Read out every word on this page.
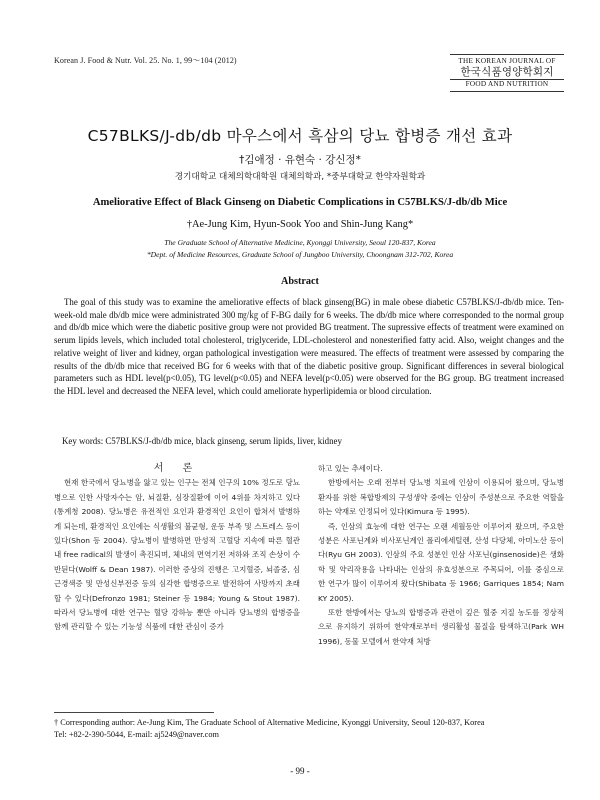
Korean J. Food & Nutr. Vol. 25. No. 1, 99～104 (2012)	THE KOREAN JOURNAL OF
한국식품영양학회지
FOOD AND NUTRITION
C57BLKS/J-db/db 마우스에서 흑삼의 당뇨 합병증 개선 효과
†김애정 · 유현숙 · 강신정*
경기대학교 대체의학대학원 대체의학과, *중부대학교 한약자원학과
Ameliorative Effect of Black Ginseng on Diabetic Complications in C57BLKS/J-db/db Mice
†Ae-Jung Kim, Hyun-Sook Yoo and Shin-Jung Kang*
The Graduate School of Alternative Medicine, Kyonggi University, Seoul 120-837, Korea
*Dept. of Medicine Resources, Graduate School of Jungboo University, Choongnam 312-702, Korea
Abstract

The goal of this study was to examine the ameliorative effects of black ginseng(BG) in male obese diabetic C57BLKS/J-db/db mice. Ten-week-old male db/db mice were administrated 300 ㎎/㎏ of F-BG daily for 6 weeks. The db/db mice where corresponded to the normal group and db/db mice which were the diabetic positive group were not provided BG treatment. The supressive effects of treatment were examined on serum lipids levels, which included total cholesterol, triglyceride, LDL-cholesterol and nonesterified fatty acid. Also, weight changes and the relative weight of liver and kidney, organ pathological investigation were measured. The effects of treatment were assessed by comparing the results of the db/db mice that received BG for 6 weeks with that of the diabetic positive group. Significant differences in several biological parameters such as HDL level(p<0.05), TG level(p<0.05) and NEFA level(p<0.05) were observed for the BG group. BG treatment increased the HDL level and decreased the NEFA level, which could ameliorate hyperlipidemia or blood circulation.

Key words: C57BLKS/J-db/db mice, black ginseng, serum lipids, liver, kidney

서 론

현재 한국에서 당뇨병을 앓고 있는 인구는 전체 인구의 10% 정도로 당뇨병으로 인한 사망자수는 암, 뇌질환, 심장질환에 이어 4위를 차지하고 있다(통계청 2008). 당뇨병은 유전적인 요인과 환경적인 요인이 합쳐서 발병하게 되는데, 환경적인 요인에는 식생활의 불균형, 운동 부족 및 스트레스 등이 있다(Shon 등 2004). 당뇨병이 발병하면 만성적 고혈당 지속에 따른 혈관 내 free radical의 발생이 촉진되며, 체내의 면역기전 저하와 조직 손상이 수반된다(Wolff & Dean 1987). 이러한 증상의 진행은 고지혈증, 뇌졸중, 심근경색증 및 만성신부전증 등의 심각한 합병증으로 발전하여 사망까지 초래할 수 있다(Defronzo 1981; Steiner 등 1984; Young & Stout 1987). 따라서 당뇨병에 대한 연구는 혈당 강하능 뿐만 아니라 당뇨병의 합병증을 함께 관리할 수 있는 기능성 식품에 대한 관심이 증가

하고 있는 추세이다.

한방에서는 오래 전부터 당뇨병 치료에 인삼이 이용되어 왔으며, 당뇨병 환자를 위한 복합방제의 구성생약 중에는 인삼이 주성분으로 주요한 역할을 하는 약재로 인정되어 있다(Kimura 등 1995).

즉, 인삼의 효능에 대한 연구는 오랜 세월동안 이루어져 왔으며, 주요한 성분은 사포닌계와 비사포닌계인 폴리에세틸렌, 산성 다당체, 아미노산 등이다(Ryu GH 2003). 인삼의 주요 성분인 인삼 사포닌(ginsenoside)은 생화학 및 약리작용을 나타내는 인삼의 유효성분으로 주목되어, 이를 중심으로 한 연구가 많이 이루어져 왔다(Shibata 등 1966; Garriques 1854; Nam KY 2005).

또한 한방에서는 당뇨의 합병증과 관련이 깊은 혈중 지질 농도를 정상적으로 유지하기 위하여 한약재로부터 생리활성 물질을 탐색하고(Park WH 1996), 동물 모델에서 한약재 처방

† Corresponding author: Ae-Jung Kim, The Graduate School of Alternative Medicine, Kyonggi University, Seoul 120-837, Korea
Tel: +82-2-390-5044, E-mail: aj5249@naver.com

- 99 -
